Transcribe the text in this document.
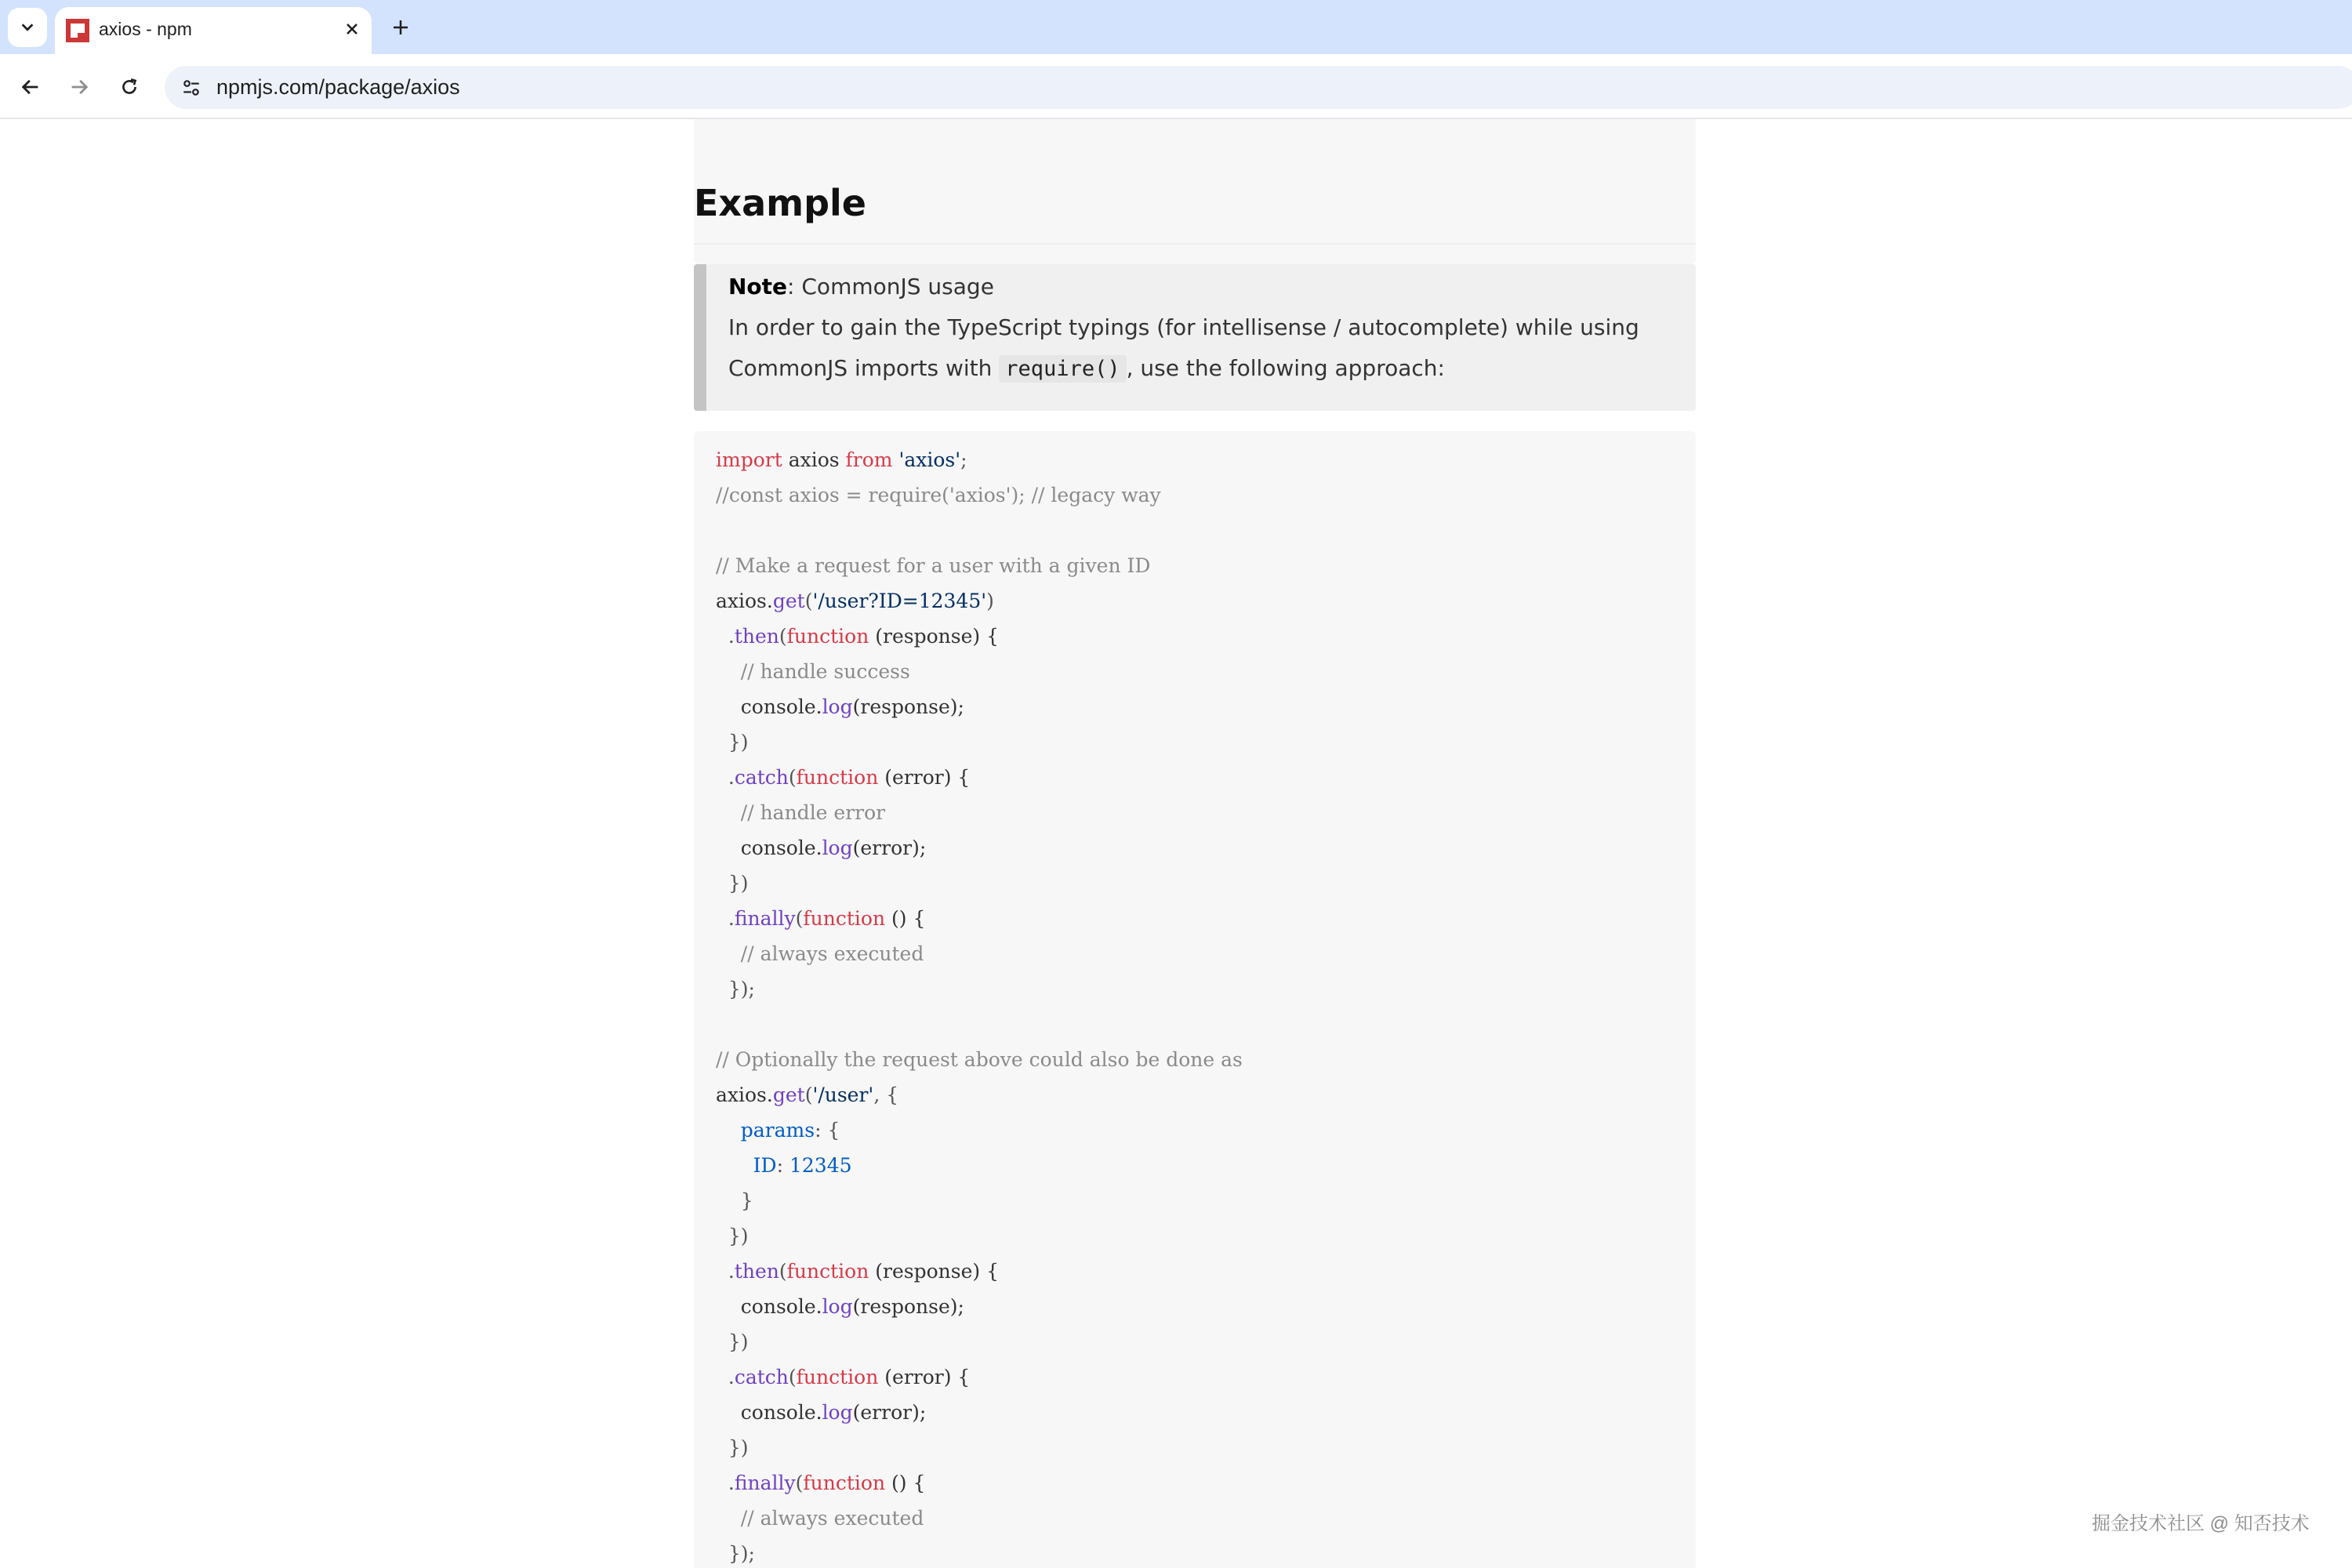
axios - npm
npmjs.com/package/axios
Example

Note: CommonJS usage

In order to gain the TypeScript typings (for intellisense / autocomplete) while using

CommonJS imports with require() , use the following approach:

import axios from 'axios';
//const axios = require('axios'); // legacy way
// Make a request for a user with a given ID
axios.get('/user?ID=12345')
.then(function (response) {
// handle success
console.log(response);
})
.catch(function (error) {
// handle error
console.log(error);
})
.finally(function () {
// always executed
});
// Optionally the request above could also be done as
axios.get('/user', {
params: {
ID: 12345
}
})
.then(function (response) {
console.log(response);
})
.catch(function (error) {
console.log(error);
})
.finally(function () {
// always executed
});
掘金技术社区 @ 知否技术
